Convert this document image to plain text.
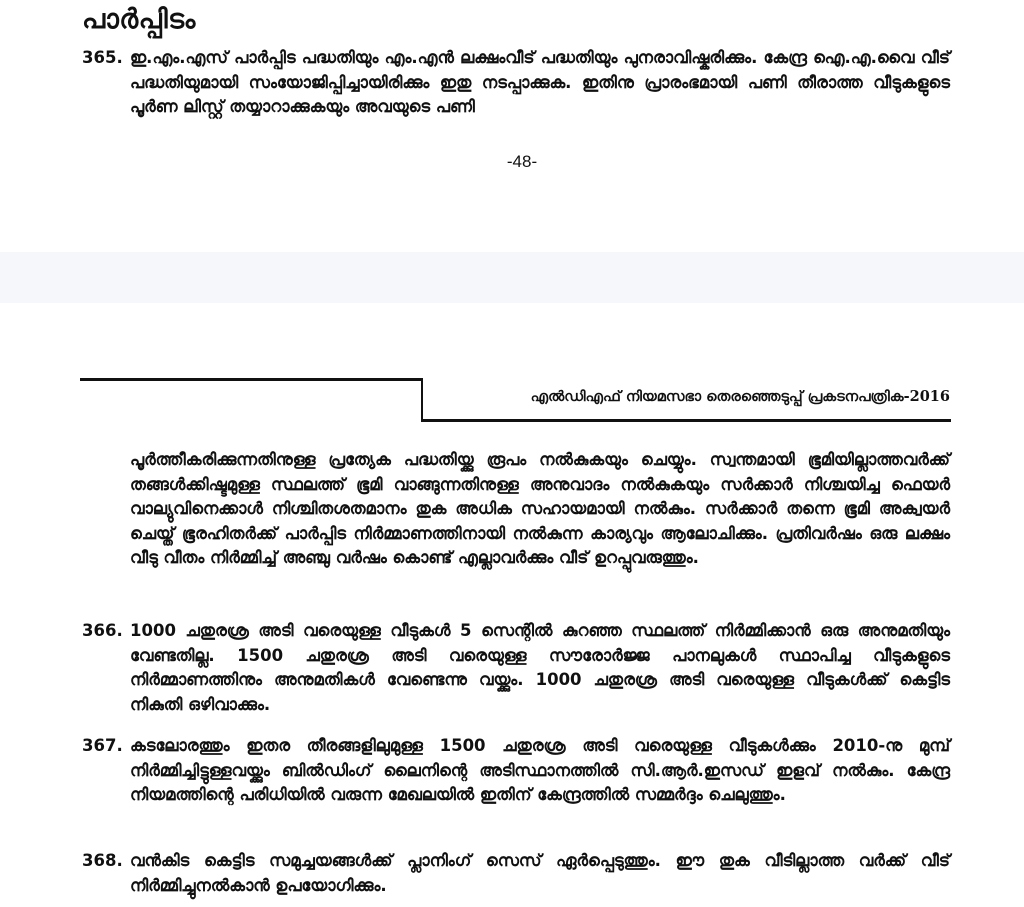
പാർപ്പിടം
365. ഇ.എം.എസ് പാർപ്പിട പദ്ധതിയും എം.എൻ ലക്ഷംവീട് പദ്ധതിയും പുനരാവിഷ്കരിക്കും. കേന്ദ്ര ഐ.എ.വൈ വീട് പദ്ധതിയുമായി സംയോജിപ്പിച്ചായിരിക്കും ഇതു നടപ്പാക്കുക. ഇതിനു പ്രാരംഭമായി പണി തീരാത്ത വീടുകളുടെ പൂർണ ലിസ്റ്റ് തയ്യാറാക്കുകയും അവയുടെ പണി
-48-
എൽഡിഎഫ് നിയമസഭാ തെരഞ്ഞെടുപ്പ് പ്രകടനപത്രിക-2016
പൂർത്തീകരിക്കുന്നതിനുള്ള പ്രത്യേക പദ്ധതിയ്ക്കു രൂപം നൽകുകയും ചെയ്യും. സ്വന്തമായി ഭൂമിയില്ലാത്തവർക്ക് തങ്ങൾക്കിഷ്ടമുള്ള സ്ഥലത്ത് ഭൂമി വാങ്ങുന്നതിനുള്ള അനുവാദം നൽകുകയും സർക്കാർ നിശ്ചയിച്ച ഫെയർ വാല്യുവിനെക്കാൾ നിശ്ചിതശതമാനം തുക അധിക സഹായമായി നൽകും. സർക്കാർ തന്നെ ഭൂമി അക്വയർ ചെയ്ത് ഭൂരഹിതർക്ക് പാർപ്പിട നിർമ്മാണത്തിനായി നൽകുന്ന കാര്യവും ആലോചിക്കും. പ്രതിവർഷം ഒരു ലക്ഷം വീടു വീതം നിർമ്മിച്ച് അഞ്ചു വർഷം കൊണ്ട് എല്ലാവർക്കും വീട് ഉറപ്പുവരുത്തും.
366. 1000 ചതുരശ്ര അടി വരെയുള്ള വീടുകൾ 5 സെന്റിൽ കുറഞ്ഞ സ്ഥലത്ത് നിർമ്മിക്കാൻ ഒരു അനുമതിയും വേണ്ടതില്ല. 1500 ചതുരശ്ര അടി വരെയുള്ള സൗരോർജ്ജ പാനലുകൾ സ്ഥാപിച്ച വീടുകളുടെ നിർമ്മാണത്തിനും അനുമതികൾ വേണ്ടെന്നു വയ്ക്കും. 1000 ചതുരശ്ര അടി വരെയുള്ള വീടുകൾക്ക് കെട്ടിട നികുതി ഒഴിവാക്കും.
367. കടലോരത്തും ഇതര തീരങ്ങളിലുമുള്ള 1500 ചതുരശ്ര അടി വരെയുള്ള വീടുകൾക്കും 2010-നു മുമ്പ് നിർമ്മിച്ചിട്ടുള്ളവയ്ക്കും ബിൽഡിംഗ് ലൈനിന്റെ അടിസ്ഥാനത്തിൽ സി.ആർ.ഇസഡ് ഇളവ് നൽകും. കേന്ദ്ര നിയമത്തിന്റെ പരിധിയിൽ വരുന്ന മേഖലയിൽ ഇതിന് കേന്ദ്രത്തിൽ സമ്മർദ്ദം ചെലുത്തും.
368. വൻകിട കെട്ടിട സമുച്ചയങ്ങൾക്ക് പ്ലാനിംഗ് സെസ് ഏർപ്പെടുത്തും. ഈ തുക വീടില്ലാത്ത വർക്ക് വീട് നിർമ്മിച്ചുനൽകാൻ ഉപയോഗിക്കും.
